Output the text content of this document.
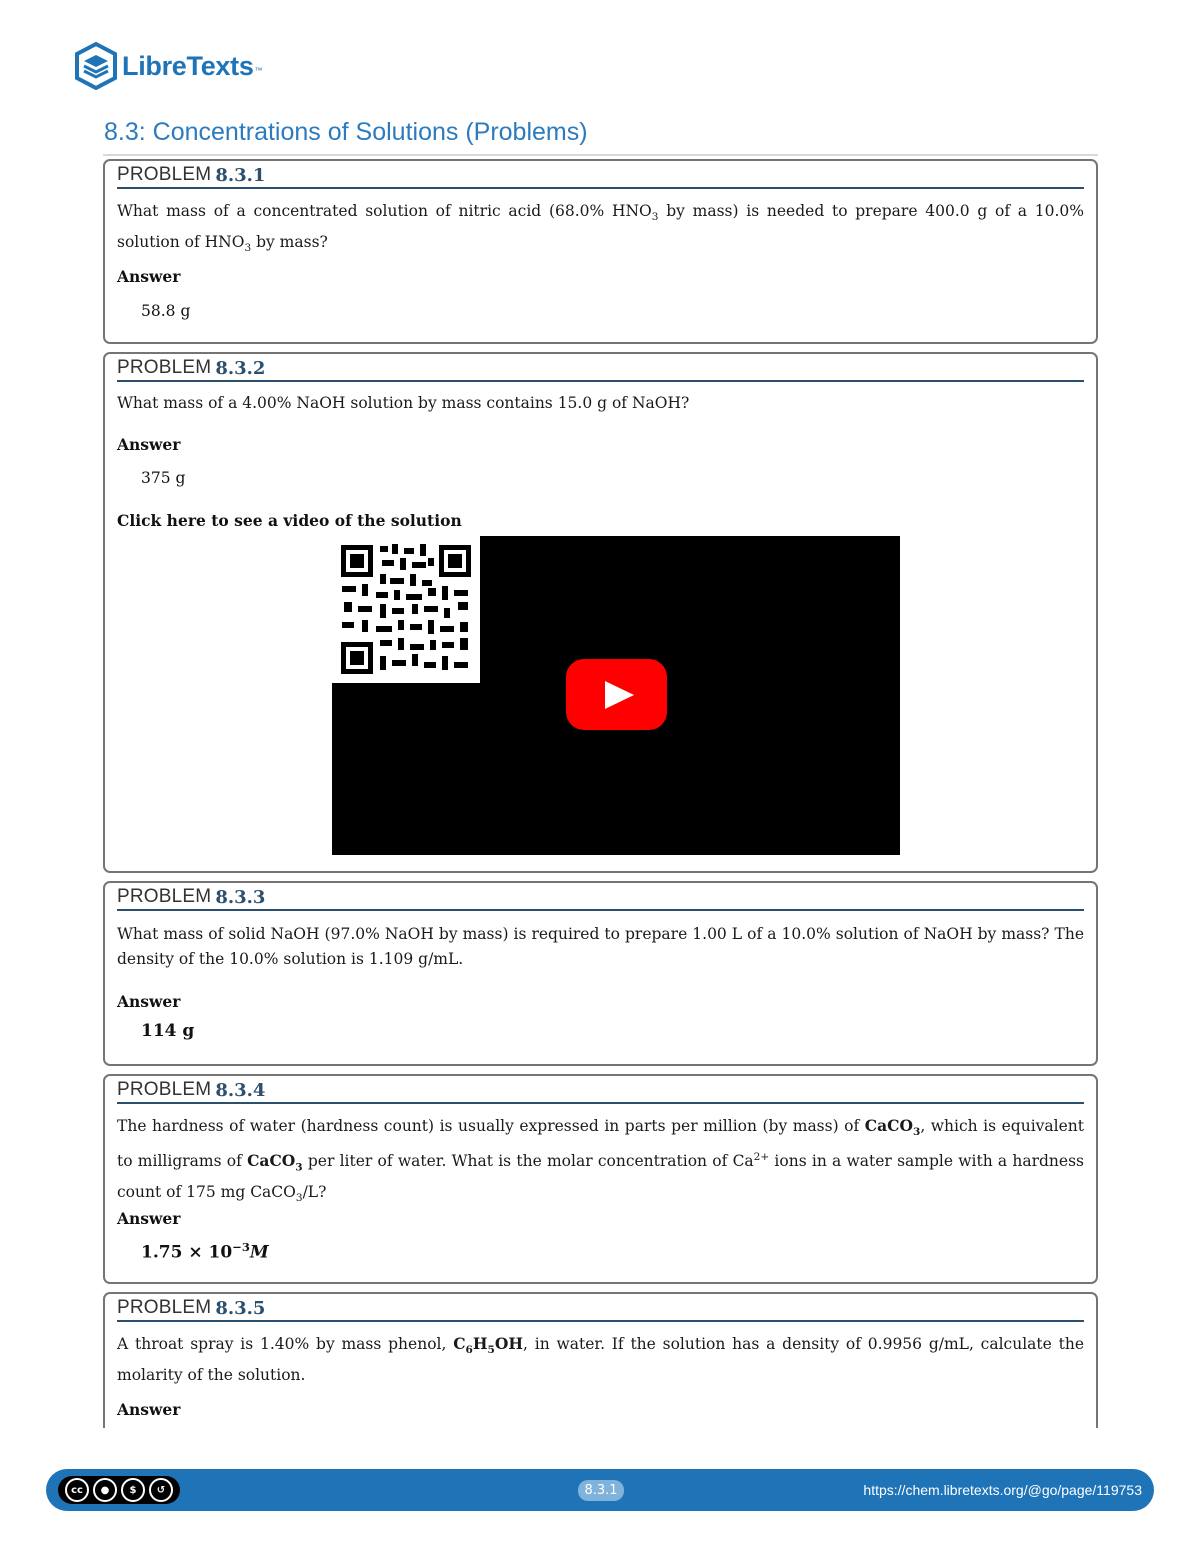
LibreTexts ™
8.3: Concentrations of Solutions (Problems)
PROBLEM 8.3.1
What mass of a concentrated solution of nitric acid (68.0% $HNO_3$ by mass) is needed to prepare 400.0 g of a 10.0% solution of $HNO_3$ by mass?
Answer
58.8 g
PROBLEM 8.3.2
What mass of a 4.00% NaOH solution by mass contains 15.0 g of NaOH?
Answer
375 g
Click here to see a video of the solution
PROBLEM 8.3.3
What mass of solid NaOH (97.0% NaOH by mass) is required to prepare 1.00 L of a 10.0% solution of NaOH by mass? The density of the 10.0% solution is 1.109 g/mL.
Answer
114 g
PROBLEM 8.3.4
The hardness of water (hardness count) is usually expressed in parts per million (by mass) of CaCO$_3$, which is equivalent to milligrams of CaCO$_3$ per liter of water. What is the molar concentration of $Ca^{2+}$ ions in a water sample with a hardness count of 175 mg CaCO$_3$/L?
Answer
$1.75 \times 10^{-3}M$
PROBLEM 8.3.5
A throat spray is 1.40% by mass phenol, $C_6H_5OH$, in water. If the solution has a density of 0.9956 g/mL, calculate the molarity of the solution.
Answer
cc	●	$	↺	8.3.1	https://chem.libretexts.org/@go/page/119753
